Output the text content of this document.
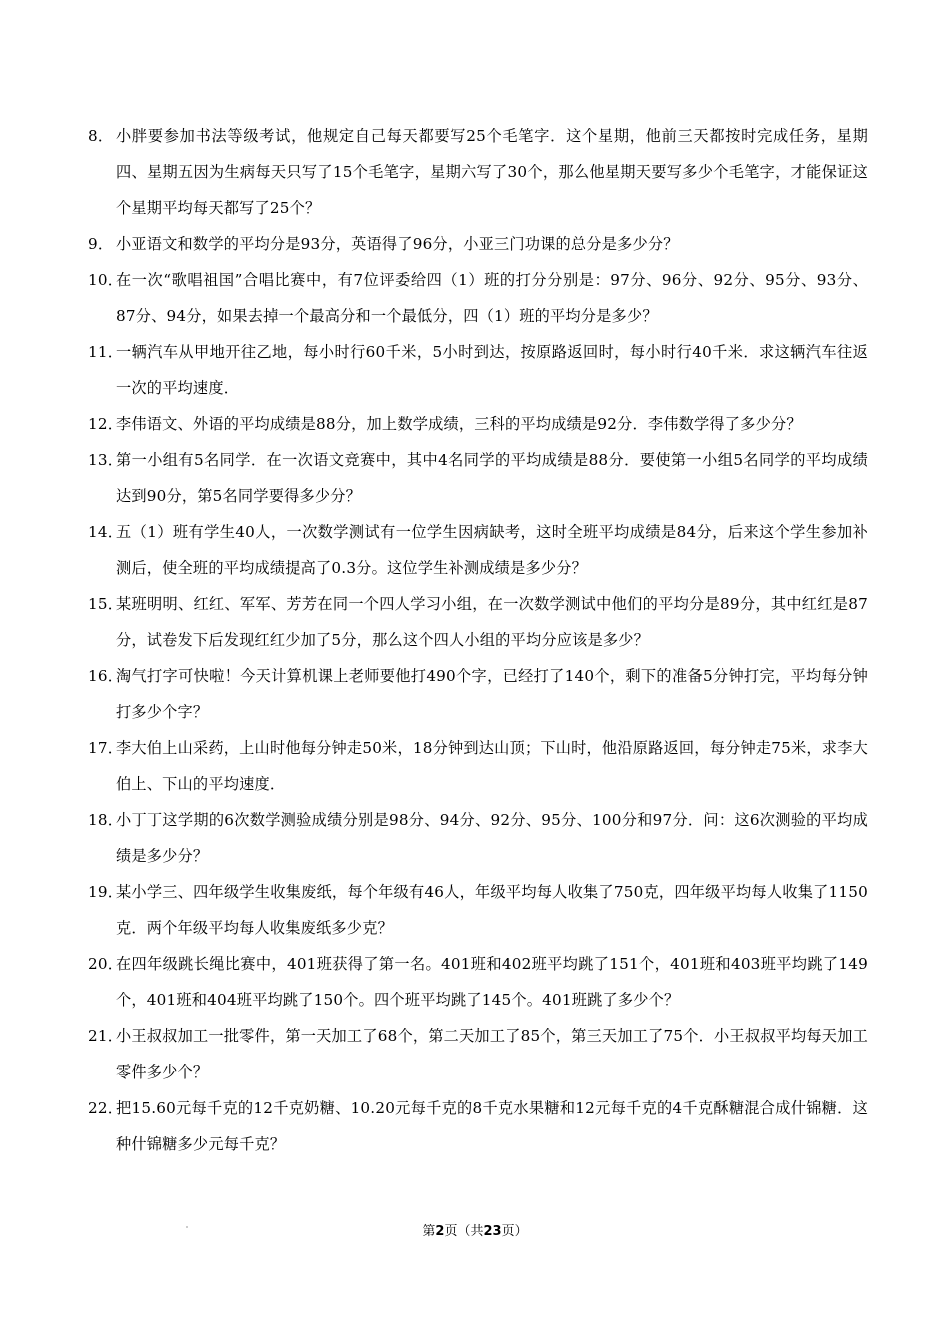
8． 小胖要参加书法等级考试，他规定自己每天都要写25个毛笔字．这个星期，他前三天都按时完成任务，星期四、星期五因为生病每天只写了15个毛笔字，星期六写了30个，那么他星期天要写多少个毛笔字，才能保证这个星期平均每天都写了25个？
9． 小亚语文和数学的平均分是93分，英语得了96分，小亚三门功课的总分是多少分？
10．
在一次“歌唱祖国”合唱比赛中，有7位评委给四（1）班的打分分别是：97分、96分、92分、95分、93分、87分、94分，如果去掉一个最高分和一个最低分，四（1）班的平均分是多少？
11．
一辆汽车从甲地开往乙地，每小时行60千米，5小时到达，按原路返回时，每小时行40千米．求这辆汽车往返一次的平均速度．
12．
李伟语文、外语的平均成绩是88分，加上数学成绩，三科的平均成绩是92分．李伟数学得了多少分？
13．
第一小组有5名同学．在一次语文竞赛中，其中4名同学的平均成绩是88分．要使第一小组5名同学的平均成绩达到90分，第5名同学要得多少分？
14．
五（1）班有学生40人，一次数学测试有一位学生因病缺考，这时全班平均成绩是84分，后来这个学生参加补测后，使全班的平均成绩提高了0.3分。这位学生补测成绩是多少分？
15．
某班明明、红红、军军、芳芳在同一个四人学习小组，在一次数学测试中他们的平均分是89分，其中红红是87分，试卷发下后发现红红少加了5分，那么这个四人小组的平均分应该是多少？
16．
淘气打字可快啦！今天计算机课上老师要他打490个字，已经打了140个，剩下的准备5分钟打完，平均每分钟打多少个字？
17．
李大伯上山采药，上山时他每分钟走50米，18分钟到达山顶；下山时，他沿原路返回，每分钟走75米，求李大伯上、下山的平均速度．
18．
小丁丁这学期的6次数学测验成绩分别是98分、94分、92分、95分、100分和97分．问：这6次测验的平均成绩是多少分？
19．
某小学三、四年级学生收集废纸，每个年级有46人，年级平均每人收集了750克，四年级平均每人收集了1150克．两个年级平均每人收集废纸多少克？
20．
在四年级跳长绳比赛中，401班获得了第一名。401班和402班平均跳了151个，401班和403班平均跳了149个，401班和404班平均跳了150个。四个班平均跳了145个。401班跳了多少个？
21．
小王叔叔加工一批零件，第一天加工了68个，第二天加工了85个，第三天加工了75个．小王叔叔平均每天加工零件多少个？
22．
把15.60元每千克的12千克奶糖、10.20元每千克的8千克水果糖和12元每千克的4千克酥糖混合成什锦糖．这种什锦糖多少元每千克？
第2页（共23页）
